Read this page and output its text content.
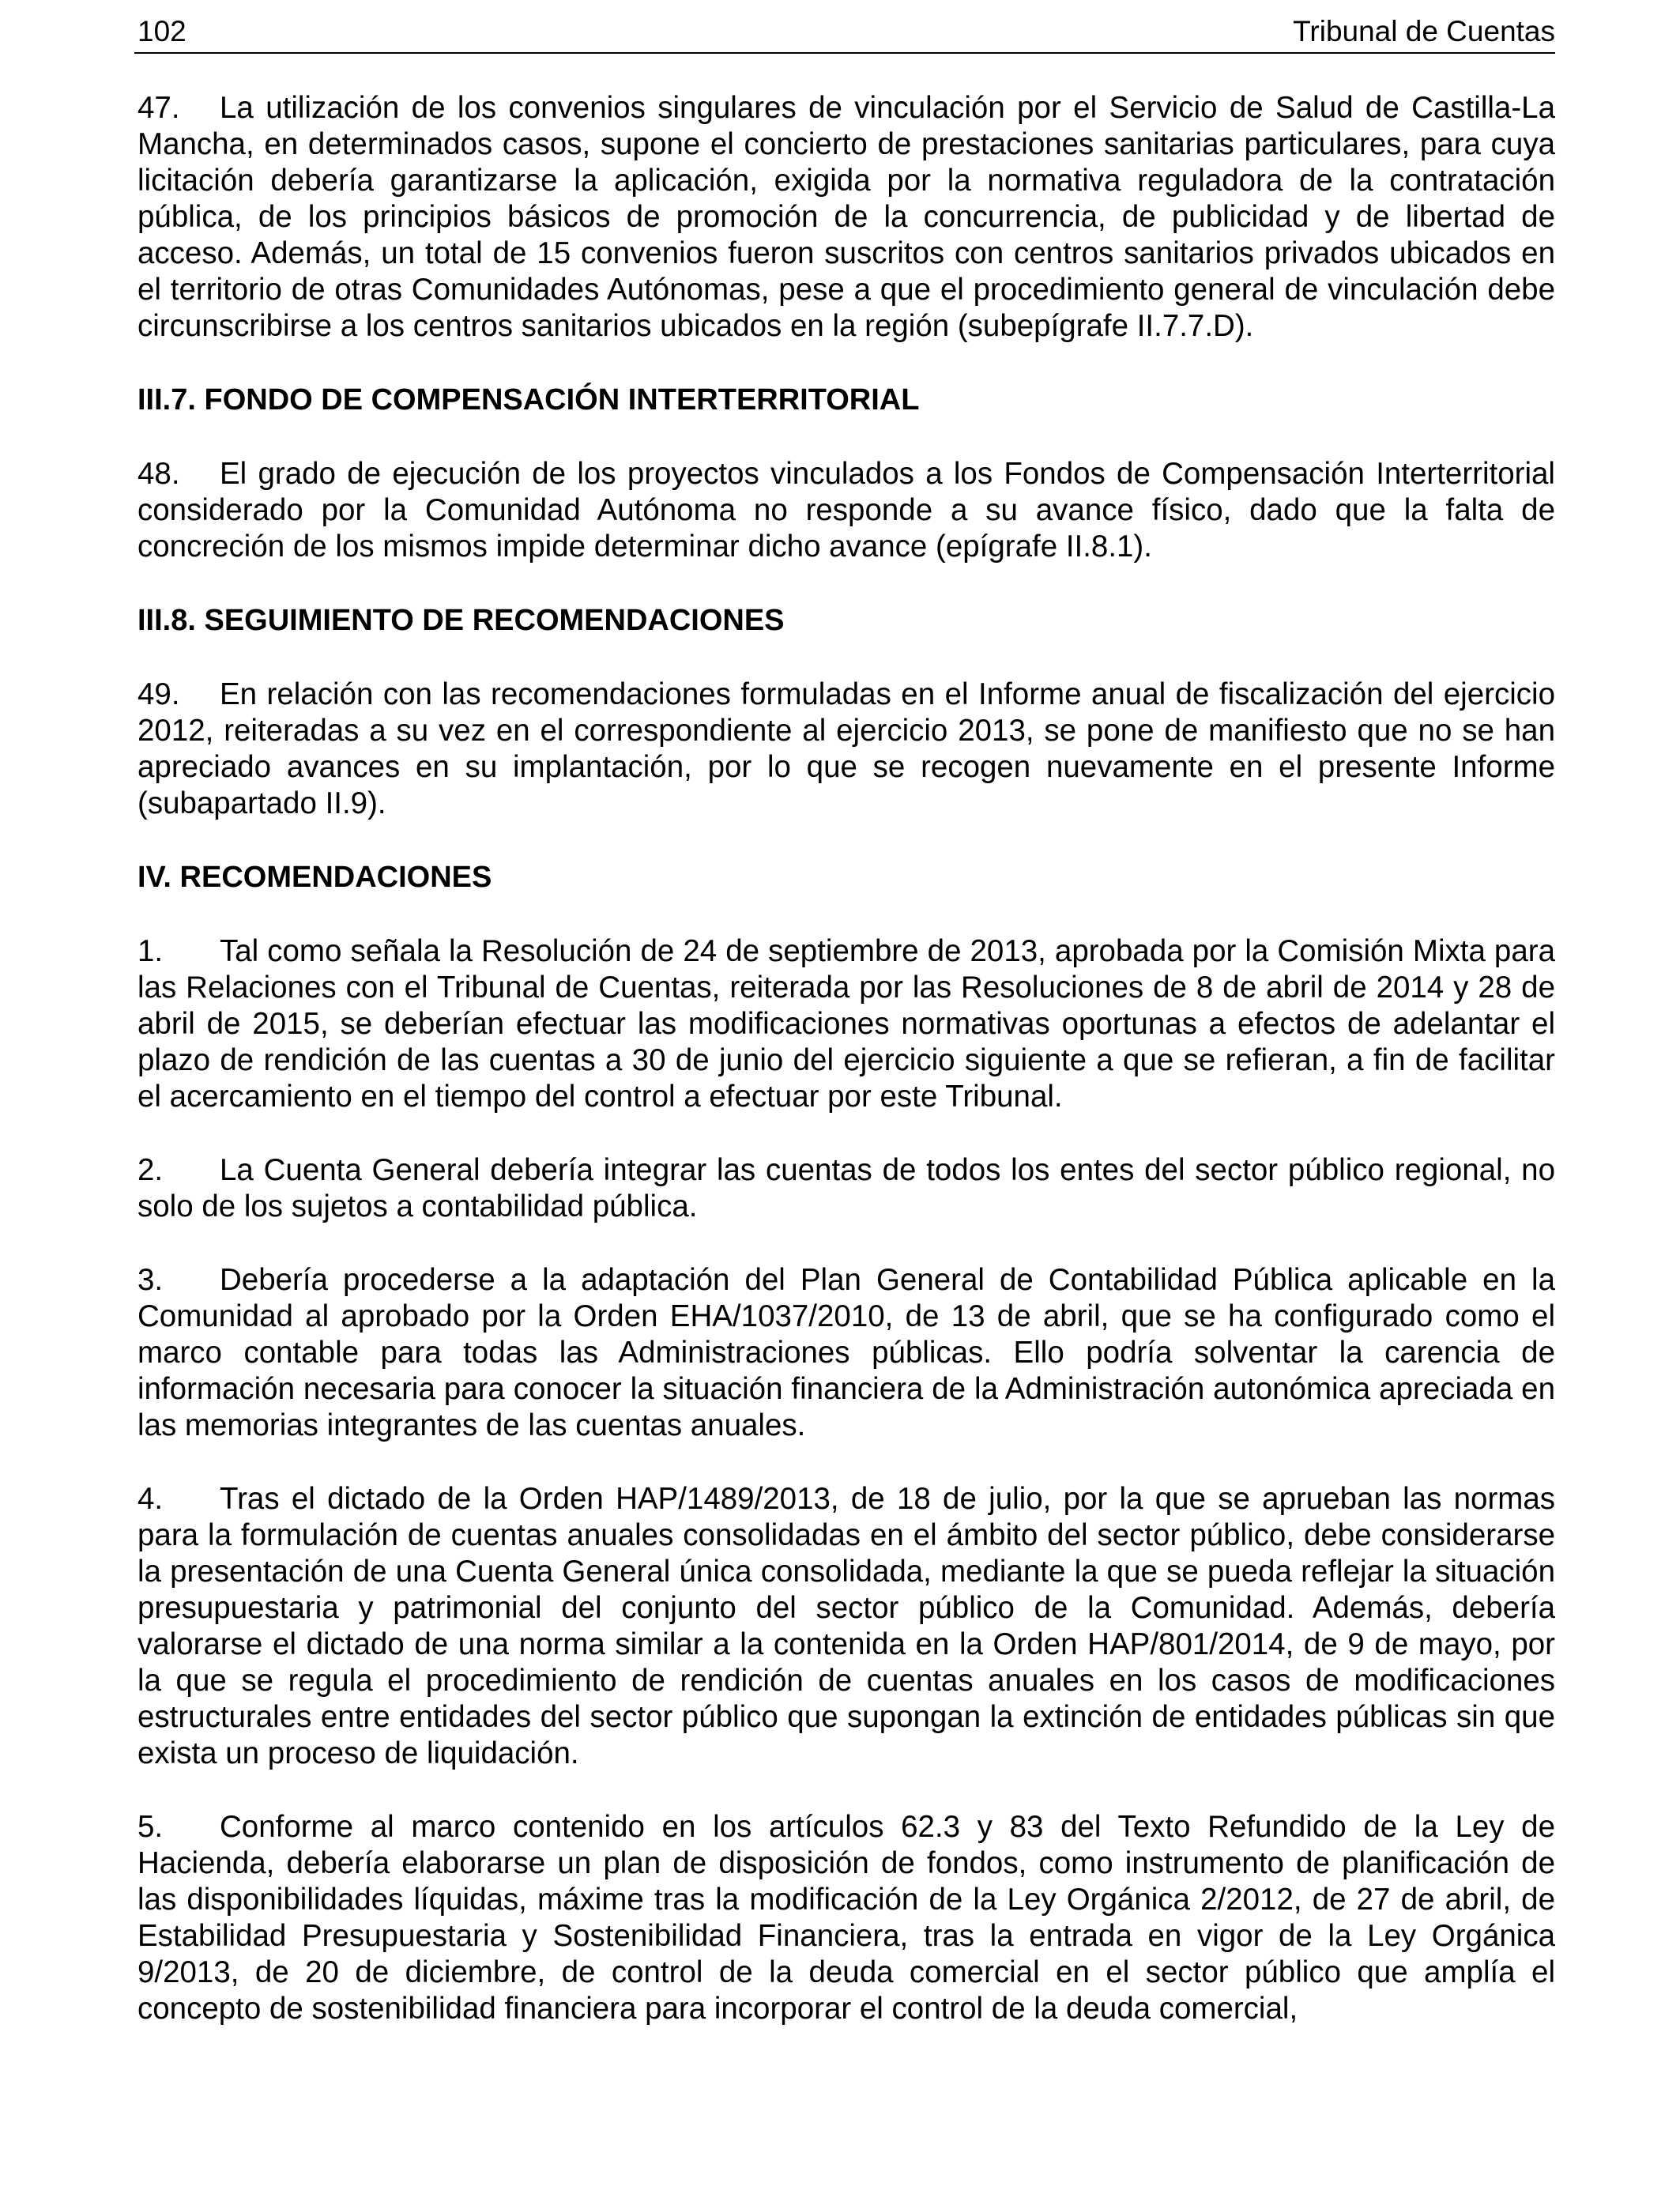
102	Tribunal de Cuentas

47. La utilización de los convenios singulares de vinculación por el Servicio de Salud de Castilla-La Mancha, en determinados casos, supone el concierto de prestaciones sanitarias particulares, para cuya licitación debería garantizarse la aplicación, exigida por la normativa reguladora de la contratación pública, de los principios básicos de promoción de la concurrencia, de publicidad y de libertad de acceso. Además, un total de 15 convenios fueron suscritos con centros sanitarios privados ubicados en el territorio de otras Comunidades Autónomas, pese a que el procedimiento general de vinculación debe circunscribirse a los centros sanitarios ubicados en la región (subepígrafe II.7.7.D).

III.7. FONDO DE COMPENSACIÓN INTERTERRITORIAL

48. El grado de ejecución de los proyectos vinculados a los Fondos de Compensación Interterritorial considerado por la Comunidad Autónoma no responde a su avance físico, dado que la falta de concreción de los mismos impide determinar dicho avance (epígrafe II.8.1).

III.8. SEGUIMIENTO DE RECOMENDACIONES

49. En relación con las recomendaciones formuladas en el Informe anual de fiscalización del ejercicio 2012, reiteradas a su vez en el correspondiente al ejercicio 2013, se pone de manifiesto que no se han apreciado avances en su implantación, por lo que se recogen nuevamente en el presente Informe (subapartado II.9).

IV. RECOMENDACIONES

1. Tal como señala la Resolución de 24 de septiembre de 2013, aprobada por la Comisión Mixta para las Relaciones con el Tribunal de Cuentas, reiterada por las Resoluciones de 8 de abril de 2014 y 28 de abril de 2015, se deberían efectuar las modificaciones normativas oportunas a efectos de adelantar el plazo de rendición de las cuentas a 30 de junio del ejercicio siguiente a que se refieran, a fin de facilitar el acercamiento en el tiempo del control a efectuar por este Tribunal.

2. La Cuenta General debería integrar las cuentas de todos los entes del sector público regional, no solo de los sujetos a contabilidad pública.

3. Debería procederse a la adaptación del Plan General de Contabilidad Pública aplicable en la Comunidad al aprobado por la Orden EHA/1037/2010, de 13 de abril, que se ha configurado como el marco contable para todas las Administraciones públicas. Ello podría solventar la carencia de información necesaria para conocer la situación financiera de la Administración autonómica apreciada en las memorias integrantes de las cuentas anuales.

4. Tras el dictado de la Orden HAP/1489/2013, de 18 de julio, por la que se aprueban las normas para la formulación de cuentas anuales consolidadas en el ámbito del sector público, debe considerarse la presentación de una Cuenta General única consolidada, mediante la que se pueda reflejar la situación presupuestaria y patrimonial del conjunto del sector público de la Comunidad. Además, debería valorarse el dictado de una norma similar a la contenida en la Orden HAP/801/2014, de 9 de mayo, por la que se regula el procedimiento de rendición de cuentas anuales en los casos de modificaciones estructurales entre entidades del sector público que supongan la extinción de entidades públicas sin que exista un proceso de liquidación.

5. Conforme al marco contenido en los artículos 62.3 y 83 del Texto Refundido de la Ley de Hacienda, debería elaborarse un plan de disposición de fondos, como instrumento de planificación de las disponibilidades líquidas, máxime tras la modificación de la Ley Orgánica 2/2012, de 27 de abril, de Estabilidad Presupuestaria y Sostenibilidad Financiera, tras la entrada en vigor de la Ley Orgánica 9/2013, de 20 de diciembre, de control de la deuda comercial en el sector público que amplía el concepto de sostenibilidad financiera para incorporar el control de la deuda comercial,
